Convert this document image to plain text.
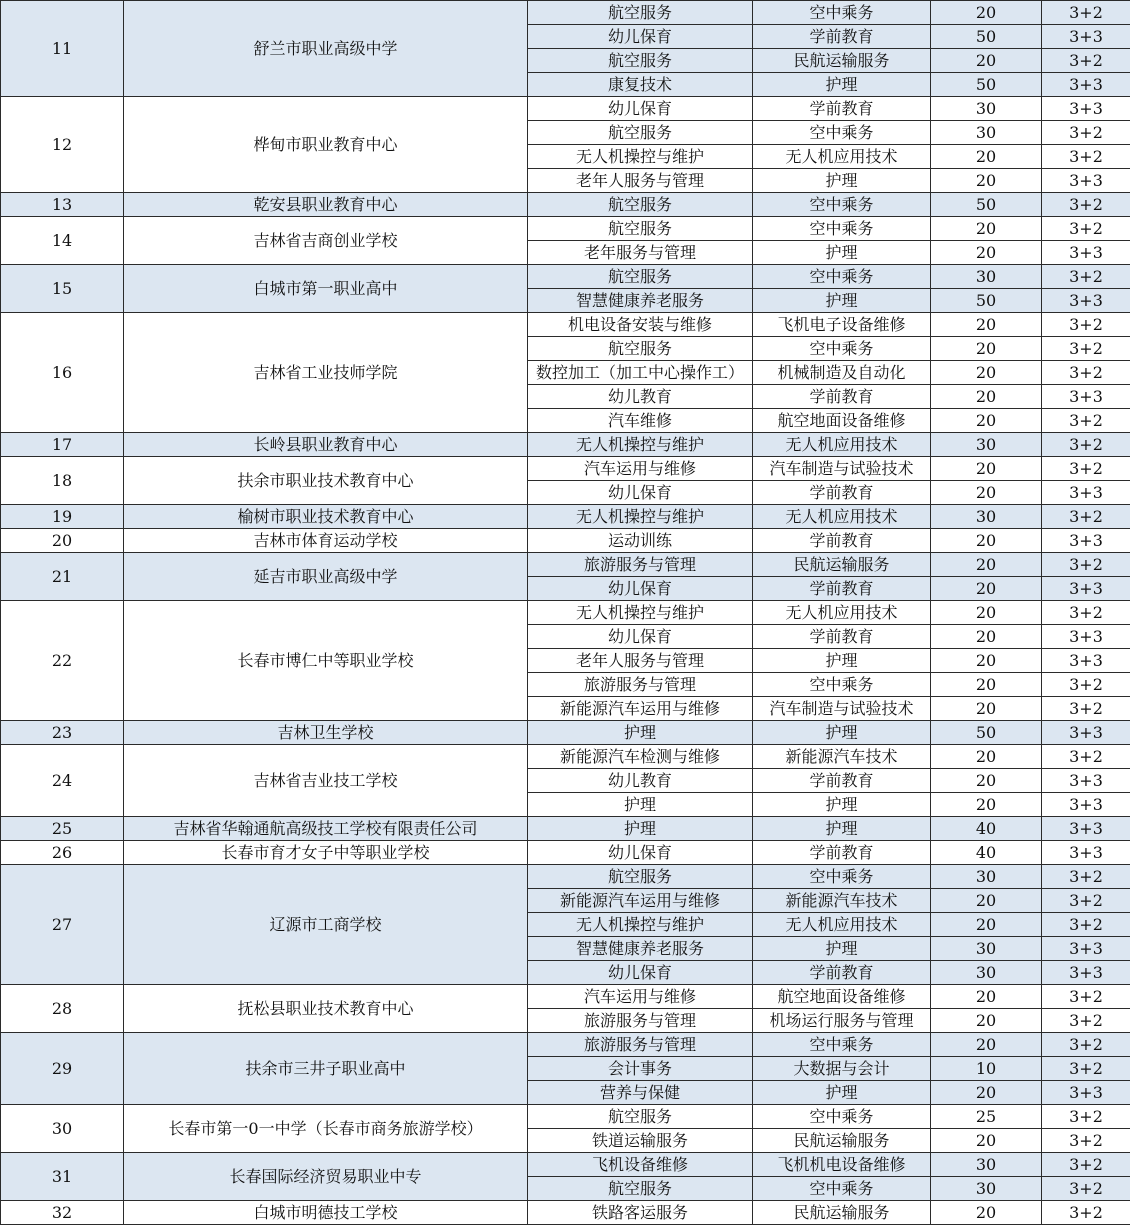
11	舒兰市职业高级中学	航空服务	空中乘务	20	3+2
		幼儿保育	学前教育	50	3+3
		航空服务	民航运输服务	20	3+2
		康复技术	护理	50	3+3
12	桦甸市职业教育中心	幼儿保育	学前教育	30	3+3
		航空服务	空中乘务	30	3+2
		无人机操控与维护	无人机应用技术	20	3+2
		老年人服务与管理	护理	20	3+3
13	乾安县职业教育中心	航空服务	空中乘务	50	3+2
14	吉林省吉商创业学校	航空服务	空中乘务	20	3+2
		老年服务与管理	护理	20	3+3
15	白城市第一职业高中	航空服务	空中乘务	30	3+2
		智慧健康养老服务	护理	50	3+3
16	吉林省工业技师学院	机电设备安装与维修	飞机电子设备维修	20	3+2
		航空服务	空中乘务	20	3+2
		数控加工（加工中心操作工）	机械制造及自动化	20	3+2
		幼儿教育	学前教育	20	3+3
		汽车维修	航空地面设备维修	20	3+2
17	长岭县职业教育中心	无人机操控与维护	无人机应用技术	30	3+2
18	扶余市职业技术教育中心	汽车运用与维修	汽车制造与试验技术	20	3+2
		幼儿保育	学前教育	20	3+3
19	榆树市职业技术教育中心	无人机操控与维护	无人机应用技术	30	3+2
20	吉林市体育运动学校	运动训练	学前教育	20	3+3
21	延吉市职业高级中学	旅游服务与管理	民航运输服务	20	3+2
		幼儿保育	学前教育	20	3+3
22	长春市博仁中等职业学校	无人机操控与维护	无人机应用技术	20	3+2
		幼儿保育	学前教育	20	3+3
		老年人服务与管理	护理	20	3+3
		旅游服务与管理	空中乘务	20	3+2
		新能源汽车运用与维修	汽车制造与试验技术	20	3+2
23	吉林卫生学校	护理	护理	50	3+3
24	吉林省吉业技工学校	新能源汽车检测与维修	新能源汽车技术	20	3+2
		幼儿教育	学前教育	20	3+3
		护理	护理	20	3+3
25	吉林省华翰通航高级技工学校有限责任公司	护理	护理	40	3+3
26	长春市育才女子中等职业学校	幼儿保育	学前教育	40	3+3
27	辽源市工商学校	航空服务	空中乘务	30	3+2
		新能源汽车运用与维修	新能源汽车技术	20	3+2
		无人机操控与维护	无人机应用技术	20	3+2
		智慧健康养老服务	护理	30	3+3
		幼儿保育	学前教育	30	3+3
28	抚松县职业技术教育中心	汽车运用与维修	航空地面设备维修	20	3+2
		旅游服务与管理	机场运行服务与管理	20	3+2
29	扶余市三井子职业高中	旅游服务与管理	空中乘务	20	3+2
		会计事务	大数据与会计	10	3+2
		营养与保健	护理	20	3+3
30	长春市第一0一中学（长春市商务旅游学校）	航空服务	空中乘务	25	3+2
		铁道运输服务	民航运输服务	20	3+2
31	长春国际经济贸易职业中专	飞机设备维修	飞机机电设备维修	30	3+2
		航空服务	空中乘务	30	3+2
32	白城市明德技工学校	铁路客运服务	民航运输服务	20	3+2
